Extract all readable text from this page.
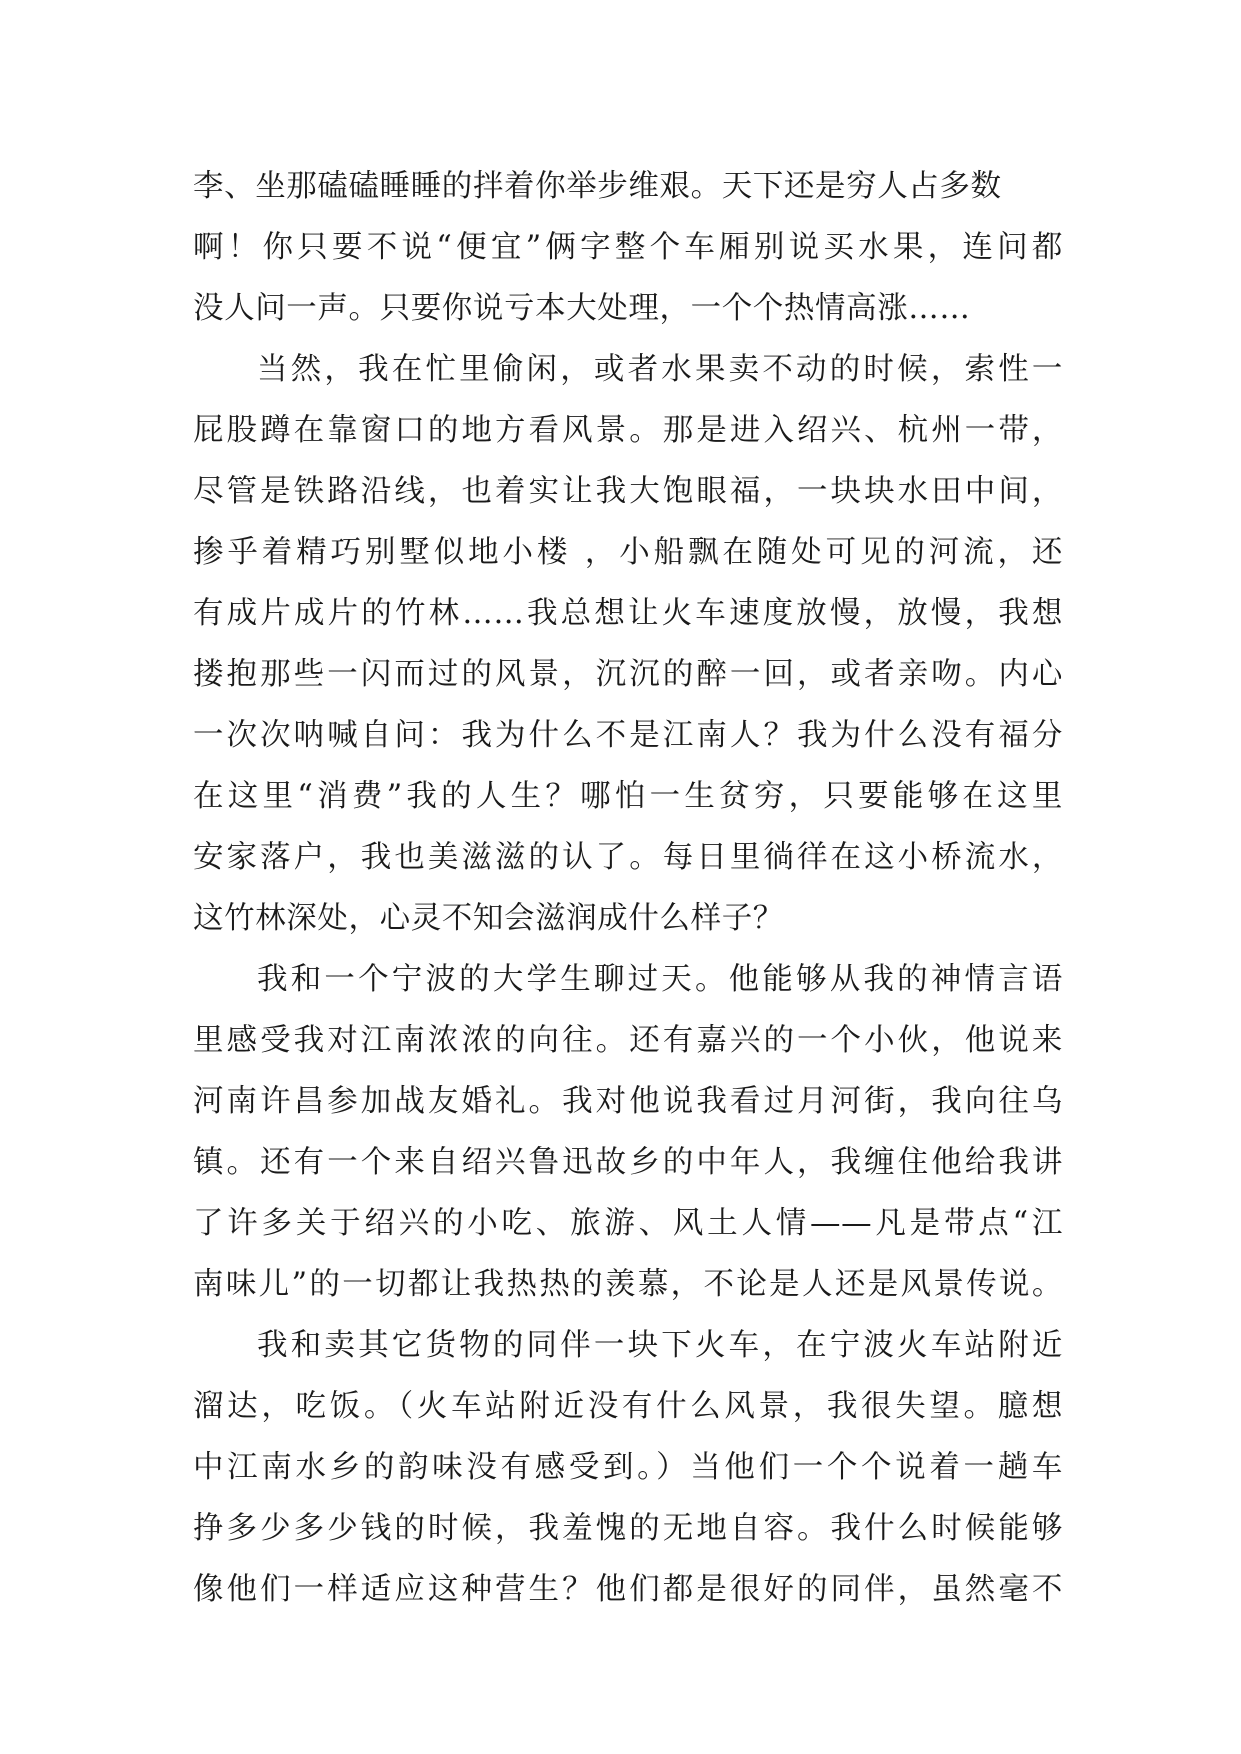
李、坐那磕磕睡睡的拌着你举步维艰。天下还是穷人占多数
啊！你只要不说“便宜”俩字整个车厢别说买水果，连问都
没人问一声。只要你说亏本大处理，一个个热情高涨……
当然，我在忙里偷闲，或者水果卖不动的时候，索性一
屁股蹲在靠窗口的地方看风景。那是进入绍兴、杭州一带，
尽管是铁路沿线，也着实让我大饱眼福，一块块水田中间，
掺乎着精巧别墅似地小楼 ，小船飘在随处可见的河流，还
有成片成片的竹林……我总想让火车速度放慢，放慢，我想
搂抱那些一闪而过的风景，沉沉的醉一回，或者亲吻。内心
一次次呐喊自问：我为什么不是江南人？我为什么没有福分
在这里“消费”我的人生？哪怕一生贫穷，只要能够在这里
安家落户，我也美滋滋的认了。每日里徜徉在这小桥流水，
这竹林深处，心灵不知会滋润成什么样子？
我和一个宁波的大学生聊过天。他能够从我的神情言语
里感受我对江南浓浓的向往。还有嘉兴的一个小伙，他说来
河南许昌参加战友婚礼。我对他说我看过月河街，我向往乌
镇。还有一个来自绍兴鲁迅故乡的中年人，我缠住他给我讲
了许多关于绍兴的小吃、旅游、风土人情——凡是带点“江
南味儿”的一切都让我热热的羡慕，不论是人还是风景传说。
我和卖其它货物的同伴一块下火车，在宁波火车站附近
溜达，吃饭。（火车站附近没有什么风景，我很失望。臆想
中江南水乡的韵味没有感受到。）当他们一个个说着一趟车
挣多少多少钱的时候，我羞愧的无地自容。我什么时候能够
像他们一样适应这种营生？他们都是很好的同伴，虽然毫不
